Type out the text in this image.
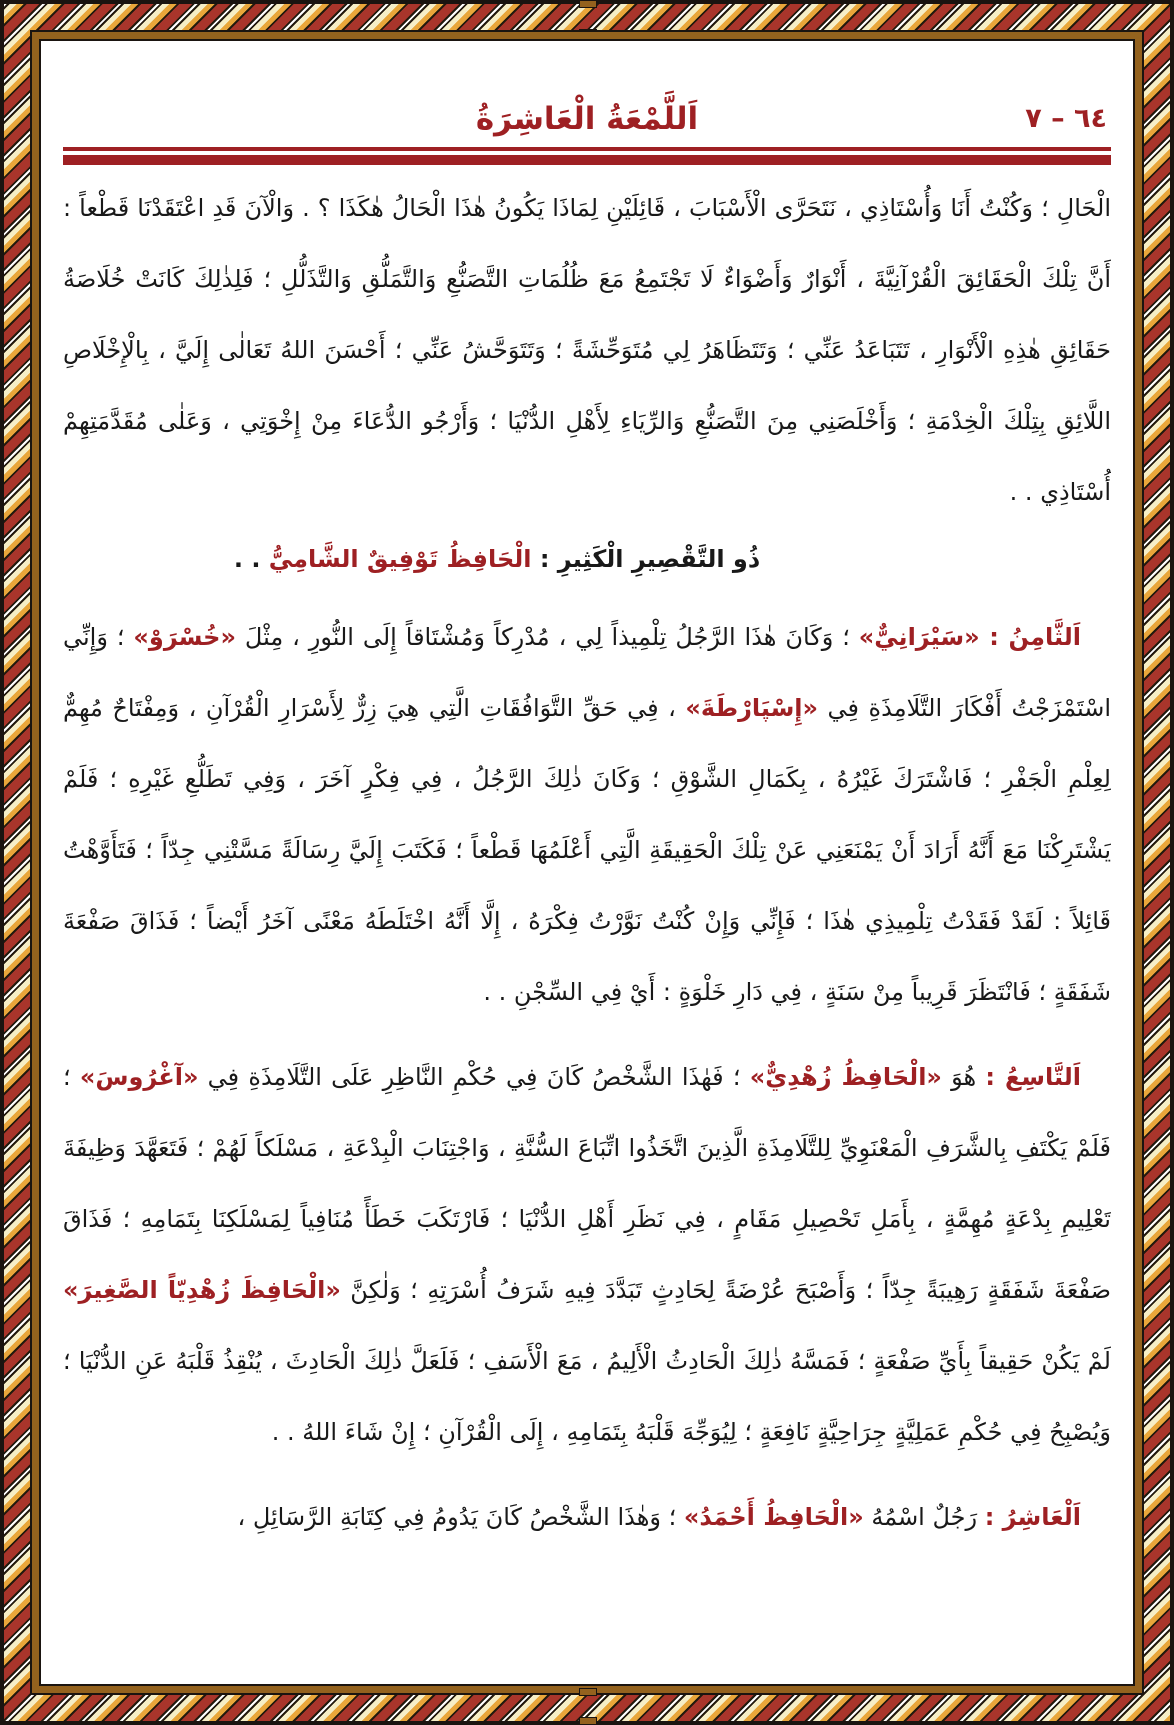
٦٤ – ٧
اَللَّمْعَةُ الْعَاشِرَةُ

الْحَالِ ؛ وَكُنْتُ أَنَا وَأُسْتَاذِي ، نَتَحَرَّى الْأَسْبَابَ ، قَائِلَيْنِ لِمَاذَا يَكُونُ هٰذَا الْحَالُ هٰكَذَا ؟ . وَالْآنَ قَدِ اعْتَقَدْنَا قَطْعاً : أَنَّ تِلْكَ الْحَقَائِقَ الْقُرْآنِيَّةَ ، أَنْوَارٌ وَأَضْوَاءٌ لَا تَجْتَمِعُ مَعَ ظُلُمَاتِ التَّصَنُّعِ وَالتَّمَلُّقِ وَالتَّذَلُّلِ ؛ فَلِذٰلِكَ كَانَتْ خُلَاصَةُ حَقَائِقِ هٰذِهِ الْأَنْوَارِ ، تَتَبَاعَدُ عَنِّي ؛ وَتَتَظَاهَرُ لِي مُتَوَحِّشَةً ؛ وَتَتَوَحَّشُ عَنِّي ؛ أَحْسَنَ اللهُ تَعَالٰى إِلَيَّ ، بِالْإِخْلَاصِ اللَّائِقِ بِتِلْكَ الْخِدْمَةِ ؛ وَأَخْلَصَنِي مِنَ التَّصَنُّعِ وَالرِّيَاءِ لِأَهْلِ الدُّنْيَا ؛ وَأَرْجُو الدُّعَاءَ مِنْ إِخْوَتِي ، وَعَلٰى مُقَدَّمَتِهِمْ أُسْتَاذِي . .

ذُو التَّقْصِيرِ الْكَثِيرِ : الْحَافِظُ تَوْفِيقٌ الشَّامِيُّ . .

اَلثَّامِنُ : «سَيْرَانِيٌّ» ؛ وَكَانَ هٰذَا الرَّجُلُ تِلْمِيذاً لِي ، مُدْرِكاً وَمُشْتَاقاً إِلَى النُّورِ ، مِثْلَ «خُسْرَوْ» ؛ وَإِنِّي اسْتَمْزَجْتُ أَفْكَارَ التَّلَامِذَةِ فِي «إِسْپَارْطَةَ» ، فِي حَقِّ التَّوَافُقَاتِ الَّتِي هِيَ زِرٌّ لِأَسْرَارِ الْقُرْآنِ ، وَمِفْتَاحٌ مُهِمٌّ لِعِلْمِ الْجَفْرِ ؛ فَاشْتَرَكَ غَيْرُهُ ، بِكَمَالِ الشَّوْقِ ؛ وَكَانَ ذٰلِكَ الرَّجُلُ ، فِي فِكْرٍ آخَرَ ، وَفِي تَطَلُّعِ غَيْرِهِ ؛ فَلَمْ يَشْتَرِكْنَا مَعَ أَنَّهُ أَرَادَ أَنْ يَمْنَعَنِي عَنْ تِلْكَ الْحَقِيقَةِ الَّتِي أَعْلَمُهَا قَطْعاً ؛ فَكَتَبَ إِلَيَّ رِسَالَةً مَسَّتْنِي جِدّاً ؛ فَتَأَوَّهْتُ قَائِلاً : لَقَدْ فَقَدْتُ تِلْمِيذِي هٰذَا ؛ فَإِنِّي وَإِنْ كُنْتُ نَوَّرْتُ فِكْرَهُ ، إِلَّا أَنَّهُ اخْتَلَطَهُ مَعْنًى آخَرُ أَيْضاً ؛ فَذَاقَ صَفْعَةَ شَفَقَةٍ ؛ فَانْتَظَرَ قَرِيباً مِنْ سَنَةٍ ، فِي دَارِ خَلْوَةٍ : أَيْ فِي السِّجْنِ . .

اَلتَّاسِعُ : هُوَ «الْحَافِظُ زُهْدِيٌّ» ؛ فَهٰذَا الشَّخْصُ كَانَ فِي حُكْمِ النَّاظِرِ عَلَى التَّلَامِذَةِ فِي «آغْرُوسَ» ؛ فَلَمْ يَكْتَفِ بِالشَّرَفِ الْمَعْنَوِيِّ لِلتَّلَامِذَةِ الَّذِينَ اتَّخَذُوا اتِّبَاعَ السُّنَّةِ ، وَاجْتِنَابَ الْبِدْعَةِ ، مَسْلَكاً لَهُمْ ؛ فَتَعَهَّدَ وَظِيفَةَ تَعْلِيمِ بِدْعَةٍ مُهِمَّةٍ ، بِأَمَلِ تَحْصِيلِ مَقَامٍ ، فِي نَظَرِ أَهْلِ الدُّنْيَا ؛ فَارْتَكَبَ خَطَأً مُنَافِياً لِمَسْلَكِنَا بِتَمَامِهِ ؛ فَذَاقَ صَفْعَةَ شَفَقَةٍ رَهِيبَةً جِدّاً ؛ وَأَصْبَحَ عُرْضَةً لِحَادِثٍ تَبَدَّدَ فِيهِ شَرَفُ أُسْرَتِهِ ؛ وَلٰكِنَّ «الْحَافِظَ زُهْدِيّاً الصَّغِيرَ» لَمْ يَكُنْ حَقِيقاً بِأَيِّ صَفْعَةٍ ؛ فَمَسَّهُ ذٰلِكَ الْحَادِثُ الْأَلِيمُ ، مَعَ الْأَسَفِ ؛ فَلَعَلَّ ذٰلِكَ الْحَادِثَ ، يُنْقِذُ قَلْبَهُ عَنِ الدُّنْيَا ؛ وَيُصْبِحُ فِي حُكْمِ عَمَلِيَّةٍ جِرَاحِيَّةٍ نَافِعَةٍ ؛ لِيُوَجِّهَ قَلْبَهُ بِتَمَامِهِ ، إِلَى الْقُرْآنِ ؛ إِنْ شَاءَ اللهُ . .

اَلْعَاشِرُ : رَجُلٌ اسْمُهُ «الْحَافِظُ أَحْمَدُ» ؛ وَهٰذَا الشَّخْصُ كَانَ يَدُومُ فِي كِتَابَةِ الرَّسَائِلِ ،
